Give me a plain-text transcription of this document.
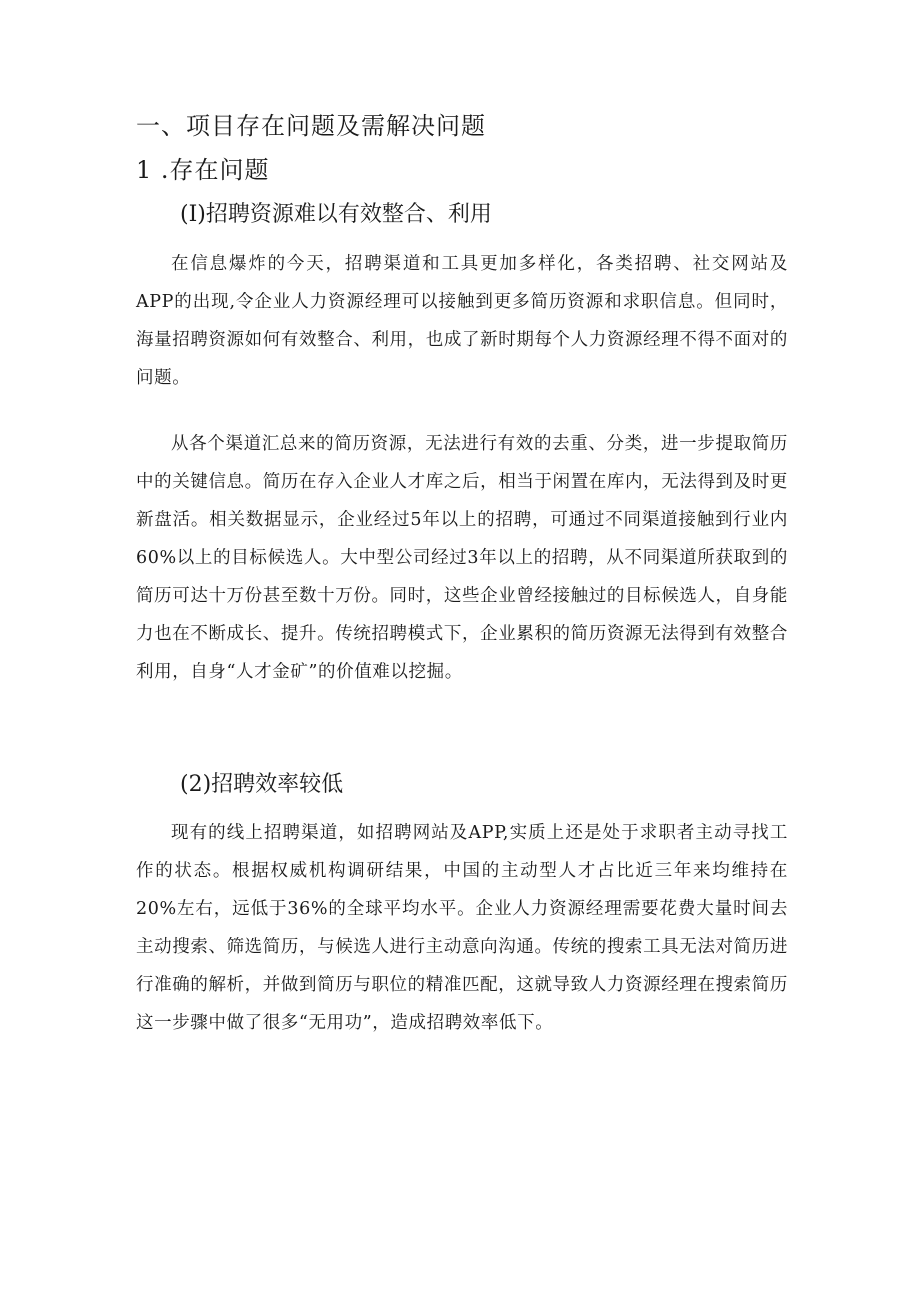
一、项目存在问题及需解决问题
1 .存在问题
(I)招聘资源难以有效整合、利用

在信息爆炸的今天，招聘渠道和工具更加多样化，各类招聘、社交网站及APP的出现,令企业人力资源经理可以接触到更多简历资源和求职信息。但同时，海量招聘资源如何有效整合、利用，也成了新时期每个人力资源经理不得不面对的问题。

从各个渠道汇总来的简历资源，无法进行有效的去重、分类，进一步提取简历中的关键信息。简历在存入企业人才库之后，相当于闲置在库内，无法得到及时更新盘活。相关数据显示，企业经过5年以上的招聘，可通过不同渠道接触到行业内60%以上的目标候选人。大中型公司经过3年以上的招聘，从不同渠道所获取到的简历可达十万份甚至数十万份。同时，这些企业曾经接触过的目标候选人，自身能力也在不断成长、提升。传统招聘模式下，企业累积的简历资源无法得到有效整合利用，自身“人才金矿”的价值难以挖掘。

(2)招聘效率较低

现有的线上招聘渠道，如招聘网站及APP,实质上还是处于求职者主动寻找工作的状态。根据权威机构调研结果，中国的主动型人才占比近三年来均维持在20%左右，远低于36%的全球平均水平。企业人力资源经理需要花费大量时间去主动搜索、筛选简历，与候选人进行主动意向沟通。传统的搜索工具无法对简历进行准确的解析，并做到简历与职位的精准匹配，这就导致人力资源经理在搜索简历这一步骤中做了很多“无用功”，造成招聘效率低下。
